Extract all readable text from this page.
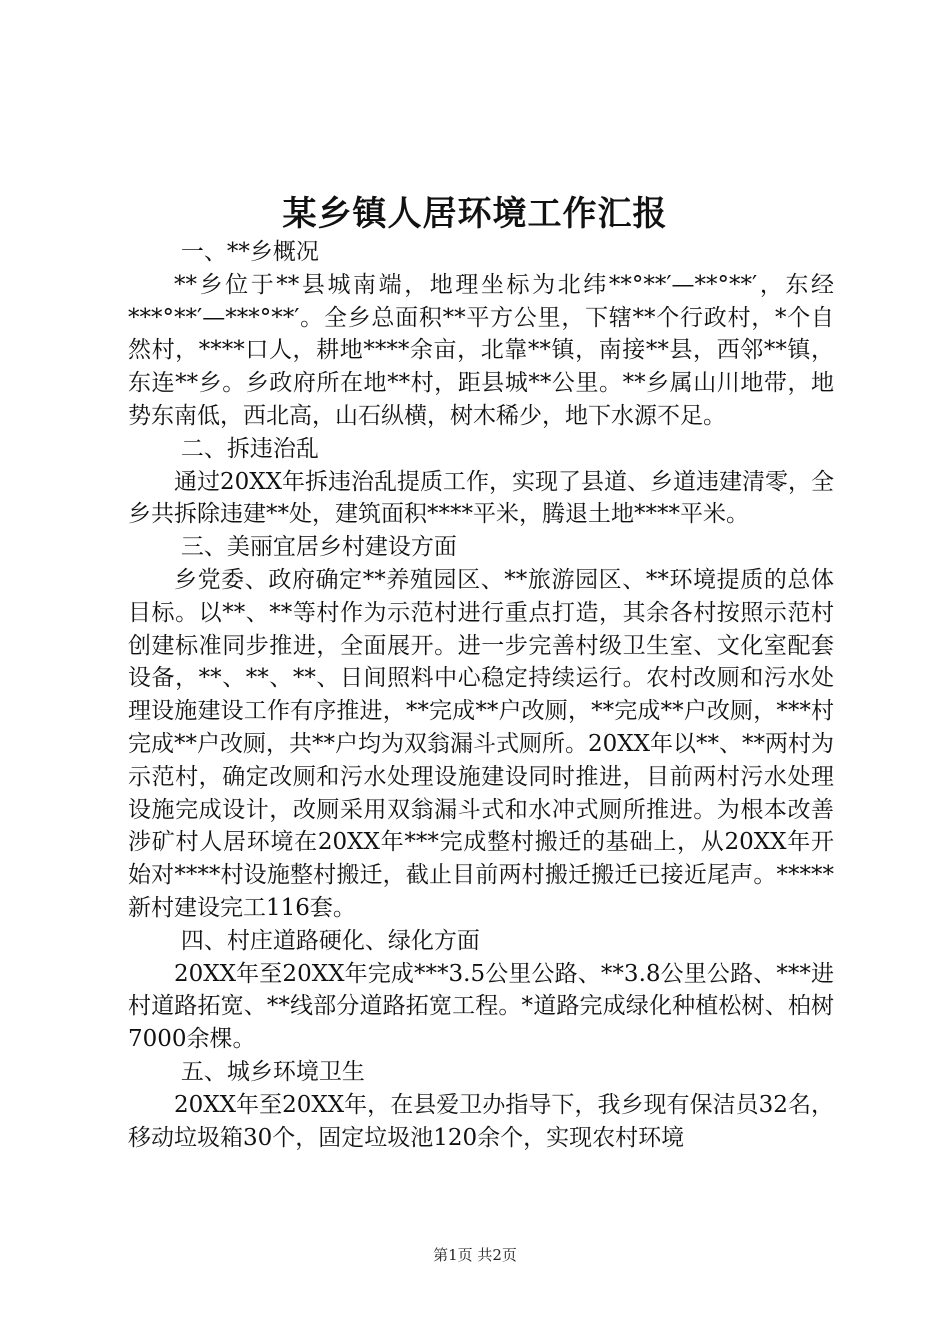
某乡镇人居环境工作汇报

一、**乡概况

**乡位于**县城南端，地理坐标为北纬**°**′—**°**′，东经***°**′—***°**′。全乡总面积**平方公里，下辖**个行政村，*个自然村，****口人，耕地****余亩，北靠**镇，南接**县，西邻**镇，东连**乡。乡政府所在地**村，距县城**公里。**乡属山川地带，地势东南低，西北高，山石纵横，树木稀少，地下水源不足。

二、拆违治乱

通过20XX年拆违治乱提质工作，实现了县道、乡道违建清零，全乡共拆除违建**处，建筑面积****平米，腾退土地****平米。

三、美丽宜居乡村建设方面

乡党委、政府确定**养殖园区、**旅游园区、**环境提质的总体目标。以**、**等村作为示范村进行重点打造，其余各村按照示范村创建标准同步推进，全面展开。进一步完善村级卫生室、文化室配套设备，**、**、**、日间照料中心稳定持续运行。农村改厕和污水处理设施建设工作有序推进，**完成**户改厕，**完成**户改厕，***村完成**户改厕，共**户均为双翁漏斗式厕所。20XX年以**、**两村为示范村，确定改厕和污水处理设施建设同时推进，目前两村污水处理设施完成设计，改厕采用双翁漏斗式和水冲式厕所推进。为根本改善涉矿村人居环境在20XX年***完成整村搬迁的基础上，从20XX年开始对****村设施整村搬迁，截止目前两村搬迁搬迁已接近尾声。*****新村建设完工116套。

四、村庄道路硬化、绿化方面

20XX年至20XX年完成***3.5公里公路、**3.8公里公路、***进村道路拓宽、**线部分道路拓宽工程。*道路完成绿化种植松树、柏树7000余棵。

五、城乡环境卫生

20XX年至20XX年，在县爱卫办指导下，我乡现有保洁员32名，移动垃圾箱30个，固定垃圾池120余个，实现农村环境

第1页 共2页
